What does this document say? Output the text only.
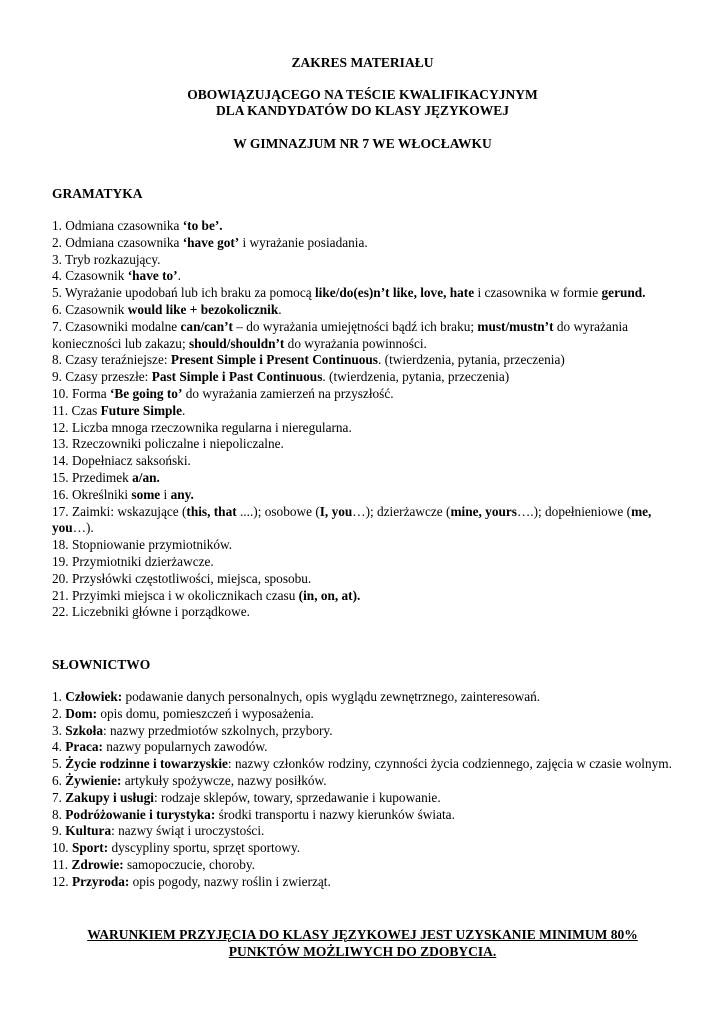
ZAKRES MATERIAŁU
OBOWIĄZUJĄCEGO NA TEŚCIE KWALIFIKACYJNYM
DLA KANDYDATÓW DO KLASY JĘZYKOWEJ
W GIMNAZJUM NR 7 WE WŁOCŁAWKU
GRAMATYKA
1. Odmiana czasownika ‘to be’.
2. Odmiana czasownika ‘have got’ i wyrażanie posiadania.
3. Tryb rozkazujący.
4. Czasownik ‘have to’.
5. Wyrażanie upodobań lub ich braku za pomocą like/do(es)n’t like, love, hate i czasownika w formie gerund.
6. Czasownik would like + bezokolicznik.
7. Czasowniki modalne can/can’t – do wyrażania umiejętności bądź ich braku; must/mustn’t do wyrażania konieczności lub zakazu; should/shouldn’t do wyrażania powinności.
8. Czasy teraźniejsze: Present Simple i Present Continuous. (twierdzenia, pytania, przeczenia)
9. Czasy przeszłe: Past Simple i Past Continuous. (twierdzenia, pytania, przeczenia)
10. Forma ‘Be going to’ do wyrażania zamierzeń na przyszłość.
11. Czas Future Simple.
12. Liczba mnoga rzeczownika regularna i nieregularna.
13. Rzeczowniki policzalne i niepoliczalne.
14. Dopełniacz saksoński.
15. Przedimek a/an.
16. Określniki some i any.
17. Zaimki: wskazujące (this, that ....); osobowe (I, you…); dzierżawcze (mine, yours….); dopełnieniowe (me, you…).
18. Stopniowanie przymiotników.
19. Przymiotniki dzierżawcze.
20. Przysłówki częstotliwości, miejsca, sposobu.
21. Przyimki miejsca i w okolicznikach czasu (in, on, at).
22. Liczebniki główne i porządkowe.
SŁOWNICTWO
1. Człowiek: podawanie danych personalnych, opis wyglądu zewnętrznego, zainteresowań.
2. Dom: opis domu, pomieszczeń i wyposażenia.
3. Szkoła: nazwy przedmiotów szkolnych, przybory.
4. Praca: nazwy popularnych zawodów.
5. Życie rodzinne i towarzyskie: nazwy członków rodziny, czynności życia codziennego, zajęcia w czasie wolnym.
6. Żywienie: artykuły spożywcze, nazwy posiłków.
7. Zakupy i usługi: rodzaje sklepów, towary, sprzedawanie i kupowanie.
8. Podróżowanie i turystyka: środki transportu i nazwy kierunków świata.
9. Kultura: nazwy świąt i uroczystości.
10. Sport: dyscypliny sportu, sprzęt sportowy.
11. Zdrowie: samopoczucie, choroby.
12. Przyroda: opis pogody, nazwy roślin i zwierząt.
WARUNKIEM PRZYJĘCIA DO KLASY JĘZYKOWEJ JEST UZYSKANIE MINIMUM 80%
PUNKTÓW MOŻLIWYCH DO ZDOBYCIA.
